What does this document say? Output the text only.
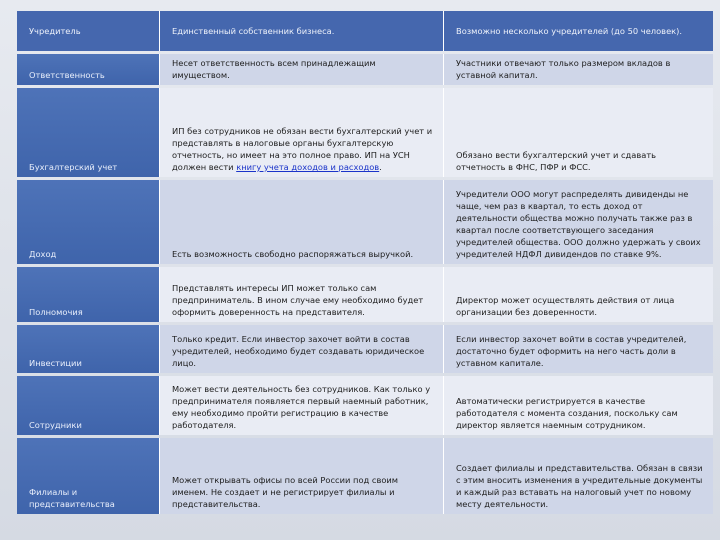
Учредитель	Единственный собственник бизнеса.	Возможно несколько учредителей (до 50 человек).
Ответственность	Несет ответственность всем принадлежащим имуществом.	Участники отвечают только размером вкладов в уставной капитал.
Бухгалтерский учет	ИП без сотрудников не обязан вести бухгалтерский учет и представлять в налоговые органы бухгалтерскую отчетность, но имеет на это полное право. ИП на УСН должен вести книгу учета доходов и расходов.	Обязано вести бухгалтерский учет и сдавать отчетность в ФНС, ПФР и ФСС.
Доход	Есть возможность свободно распоряжаться выручкой.	Учредители ООО могут распределять дивиденды не чаще, чем раз в квартал, то есть доход от деятельности общества можно получать также раз в квартал после соответствующего заседания учредителей общества. ООО должно удержать у своих учредителей НДФЛ дивидендов по ставке 9%.
Полномочия	Представлять интересы ИП может только сам предприниматель. В ином случае ему необходимо будет оформить доверенность на представителя.	Директор может осуществлять действия от лица организации без доверенности.
Инвестиции	Только кредит. Если инвестор захочет войти в состав учредителей, необходимо будет создавать юридическое лицо.	Если инвестор захочет войти в состав учредителей, достаточно будет оформить на него часть доли в уставном капитале.
Сотрудники	Может вести деятельность без сотрудников. Как только у предпринимателя появляется первый наемный работник, ему необходимо пройти регистрацию в качестве работодателя.	Автоматически регистрируется в качестве работодателя с момента создания, поскольку сам директор является наемным сотрудником.
Филиалы и представительства	Может открывать офисы по всей России под своим именем. Не создает и не регистрирует филиалы и представительства.	Создает филиалы и представительства. Обязан в связи с этим вносить изменения в учредительные документы и каждый раз вставать на налоговый учет по новому месту деятельности.
